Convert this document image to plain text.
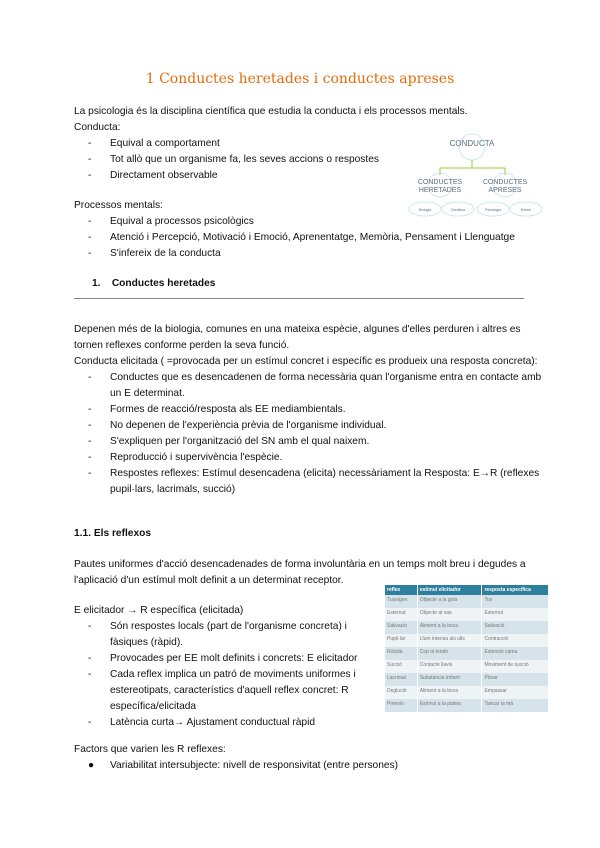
1 Conductes heretades i conductes apreses
La psicologia és la disciplina científica que estudia la conducta i els processos mentals.
Conducta:
- Equival a comportament
- Tot allò que un organisme fa, les seves accions o respostes
- Directament observable
Processos mentals:
- Equival a processos psicològics
- Atenció i Percepció, Motivació i Emoció, Aprenentatge, Memòria, Pensament i Llenguatge
- S'infereix de la conducta
CONDUCTA
CONDUCTES
HERETADES
CONDUCTES
APRESES
Biologia	Genètica	Psicologia	Entorn
1. Conductes heretades
Depenen més de la biologia, comunes en una mateixa espècie, algunes d'elles perduren i altres es tornen reflexes conforme perden la seva funció.
Conducta elicitada ( =provocada per un estímul concret i específic es produeix una resposta concreta):
- Conductes que es desencadenen de forma necessària quan l'organisme entra en contacte amb un E determinat.
- Formes de reacció/resposta als EE mediambientals.
- No depenen de l'experiència prèvia de l'organisme individual.
- S'expliquen per l'organització del SN amb el qual naixem.
- Reproducció i supervivència l'espècie.
- Respostes reflexes: Estímul desencadena (elicita) necessàriament la Resposta: E→R (reflexes pupil·lars, lacrimals, succió)
1.1. Els reflexos
Pautes uniformes d'acció desencadenades de forma involuntària en un temps molt breu i degudes a l'aplicació d'un estímul molt definit a un determinat receptor.
E elicitador → R específica (elicitada)
- Són respostes locals (part de l'organisme concreta) i fàsiques (ràpid).
- Provocades per EE molt definits i concrets: E elicitador
- Cada reflex implica un patró de moviments uniformes i estereotipats, característics d'aquell reflex concret: R específica/elicitada
- Latència curta→ Ajustament conductual ràpid
reflex	estímul elicitador	resposta específica
Tussígen	Objecte a la gola	Tos
Esternut	Objecte al nas	Esternut
Salivació	Aliment a la boca	Salivació
Pupil·lar	Llum intensa als ulls	Contracció
Rotulià	Cop al tendó	Extensió cama
Succió	Contacte llavis	Moviment de succió
Lacrimal	Substància irritant	Plorar
Deglució	Aliment a la boca	Empassar
Prensió	Estímul a la palma	Tancar la mà
Factors que varien les R reflexes:
● Variabilitat intersubjecte: nivell de responsivitat (entre persones)
